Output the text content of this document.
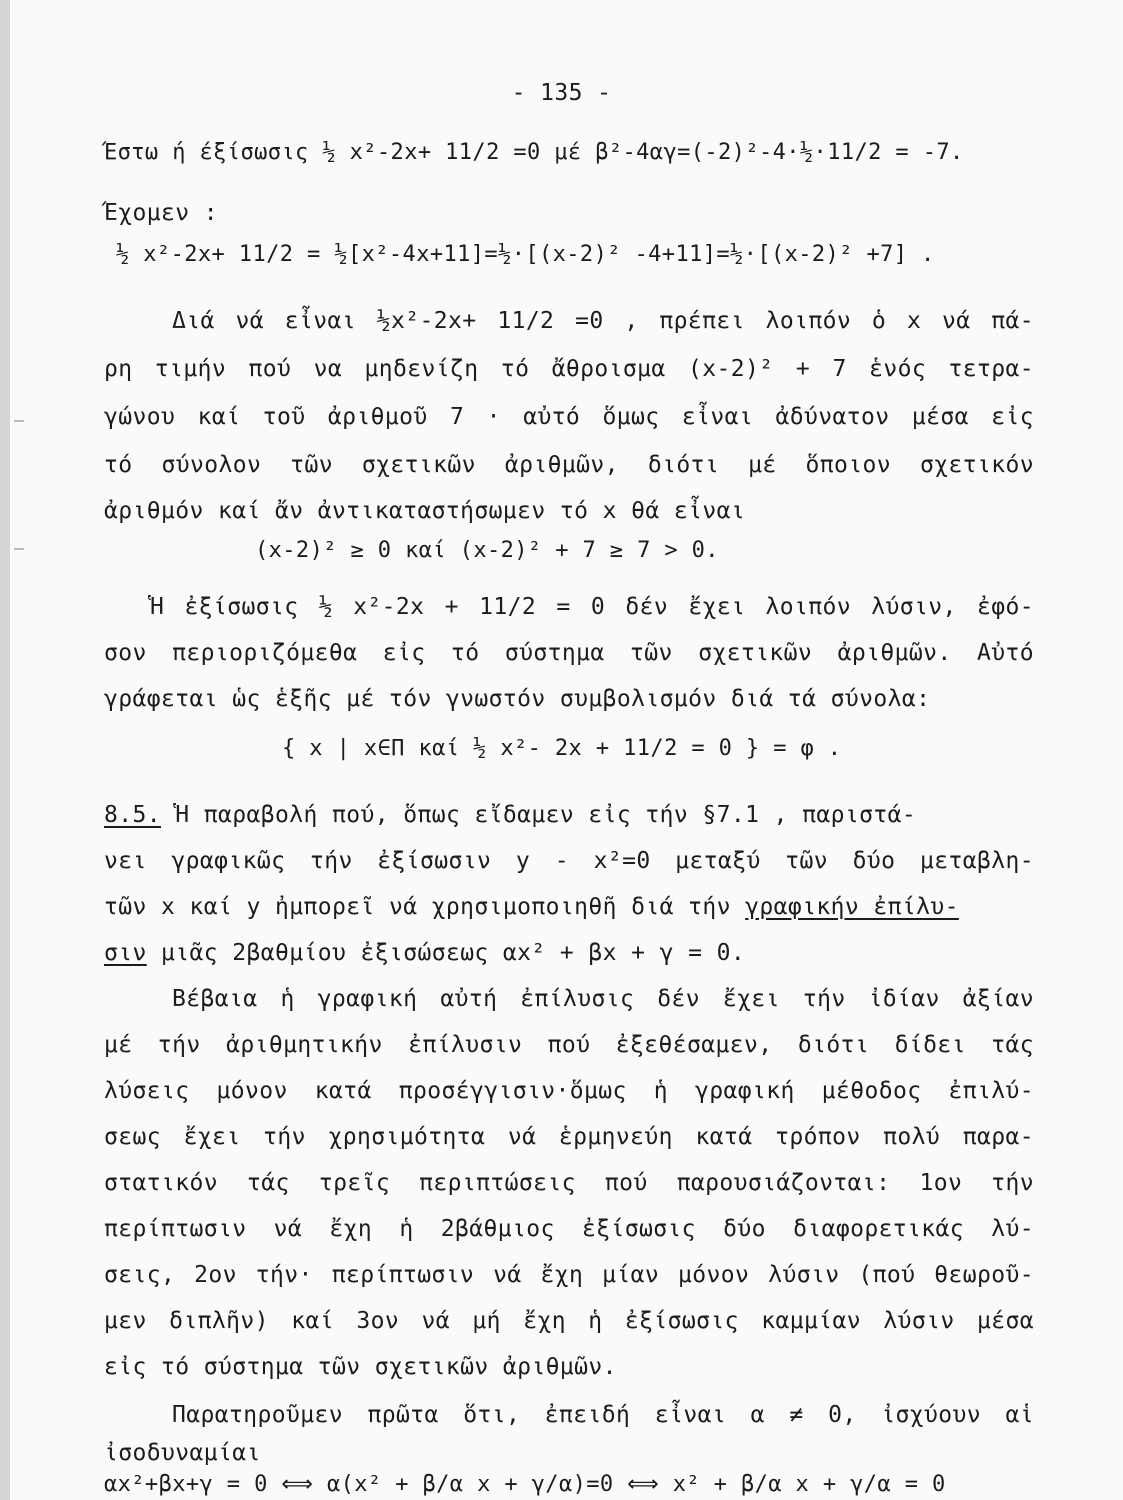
- 135 -
Έστω ή έξίσωσις ½ x²-2x+ 11/2 =0 μέ β²-4αγ=(-2)²-4·½·11/2 = -7.
Έχομεν :
½ x²-2x+ 11/2 = ½[x²-4x+11]=½·[(x-2)² -4+11]=½·[(x-2)² +7] .
Διά νά εἶναι ½x²-2x+ 11/2 =0 , πρέπει λοιπόν ὁ x νά πά-
ρη τιμήν πού να μηδενίζη τό ἄθροισμα (x-2)² + 7 ἑνός τετρα-
γώνου καί τοῦ ἀριθμοῦ 7 · αὐτό ὅμως εἶναι ἀδύνατον μέσα εἰς
τό σύνολον τῶν σχετικῶν ἀριθμῶν, διότι μέ ὅποιον σχετικόν
ἀριθμόν καί ἄν ἀντικαταστήσωμεν τό x θά εἶναι
(x-2)² ≥ 0 καί (x-2)² + 7 ≥ 7 > 0.
Ἡ ἐξίσωσις ½ x²-2x + 11/2 = 0 δέν ἔχει λοιπόν λύσιν, ἐφό-
σον περιοριζόμεθα εἰς τό σύστημα τῶν σχετικῶν ἀριθμῶν. Αὐτό
γράφεται ὡς ἑξῆς μέ τόν γνωστόν συμβολισμόν διά τά σύνολα:
{ x | x∈Π καί ½ x²- 2x + 11/2 = 0 } = φ .
8.5. Ἡ παραβολή πού, ὅπως εἴδαμεν εἰς τήν §7.1 , παριστά-
νει γραφικῶς τήν ἐξίσωσιν y - x²=0 μεταξύ τῶν δύο μεταβλη-
τῶν x καί y ἠμπορεῖ νά χρησιμοποιηθῆ διά τήν γραφικήν ἐπίλυ-
σιν μιᾶς 2βαθμίου ἐξισώσεως αx² + βx + γ = 0.
Βέβαια ἡ γραφική αὐτή ἐπίλυσις δέν ἔχει τήν ἰδίαν ἀξίαν
μέ τήν ἀριθμητικήν ἐπίλυσιν πού ἐξεθέσαμεν, διότι δίδει τάς
λύσεις μόνον κατά προσέγγισιν·ὅμως ἡ γραφική μέθοδος ἐπιλύ-
σεως ἔχει τήν χρησιμότητα νά ἑρμηνεύη κατά τρόπον πολύ παρα-
στατικόν τάς τρεῖς περιπτώσεις πού παρουσιάζονται: 1ον τήν
περίπτωσιν νά ἔχη ἡ 2βάθμιος ἐξίσωσις δύο διαφορετικάς λύ-
σεις, 2ον τήν· περίπτωσιν νά ἔχη μίαν μόνον λύσιν (πού θεωροῦ-
μεν διπλῆν) καί 3ον νά μή ἔχη ἡ ἐξίσωσις καμμίαν λύσιν μέσα
εἰς τό σύστημα τῶν σχετικῶν ἀριθμῶν.
Παρατηροῦμεν πρῶτα ὅτι, ἐπειδή εἶναι α ≠ 0, ἰσχύουν αἱ
ἰσοδυναμίαι
αx²+βx+γ = 0 ⟺ α(x² + β/α x + γ/α)=0 ⟺ x² + β/α x + γ/α = 0
